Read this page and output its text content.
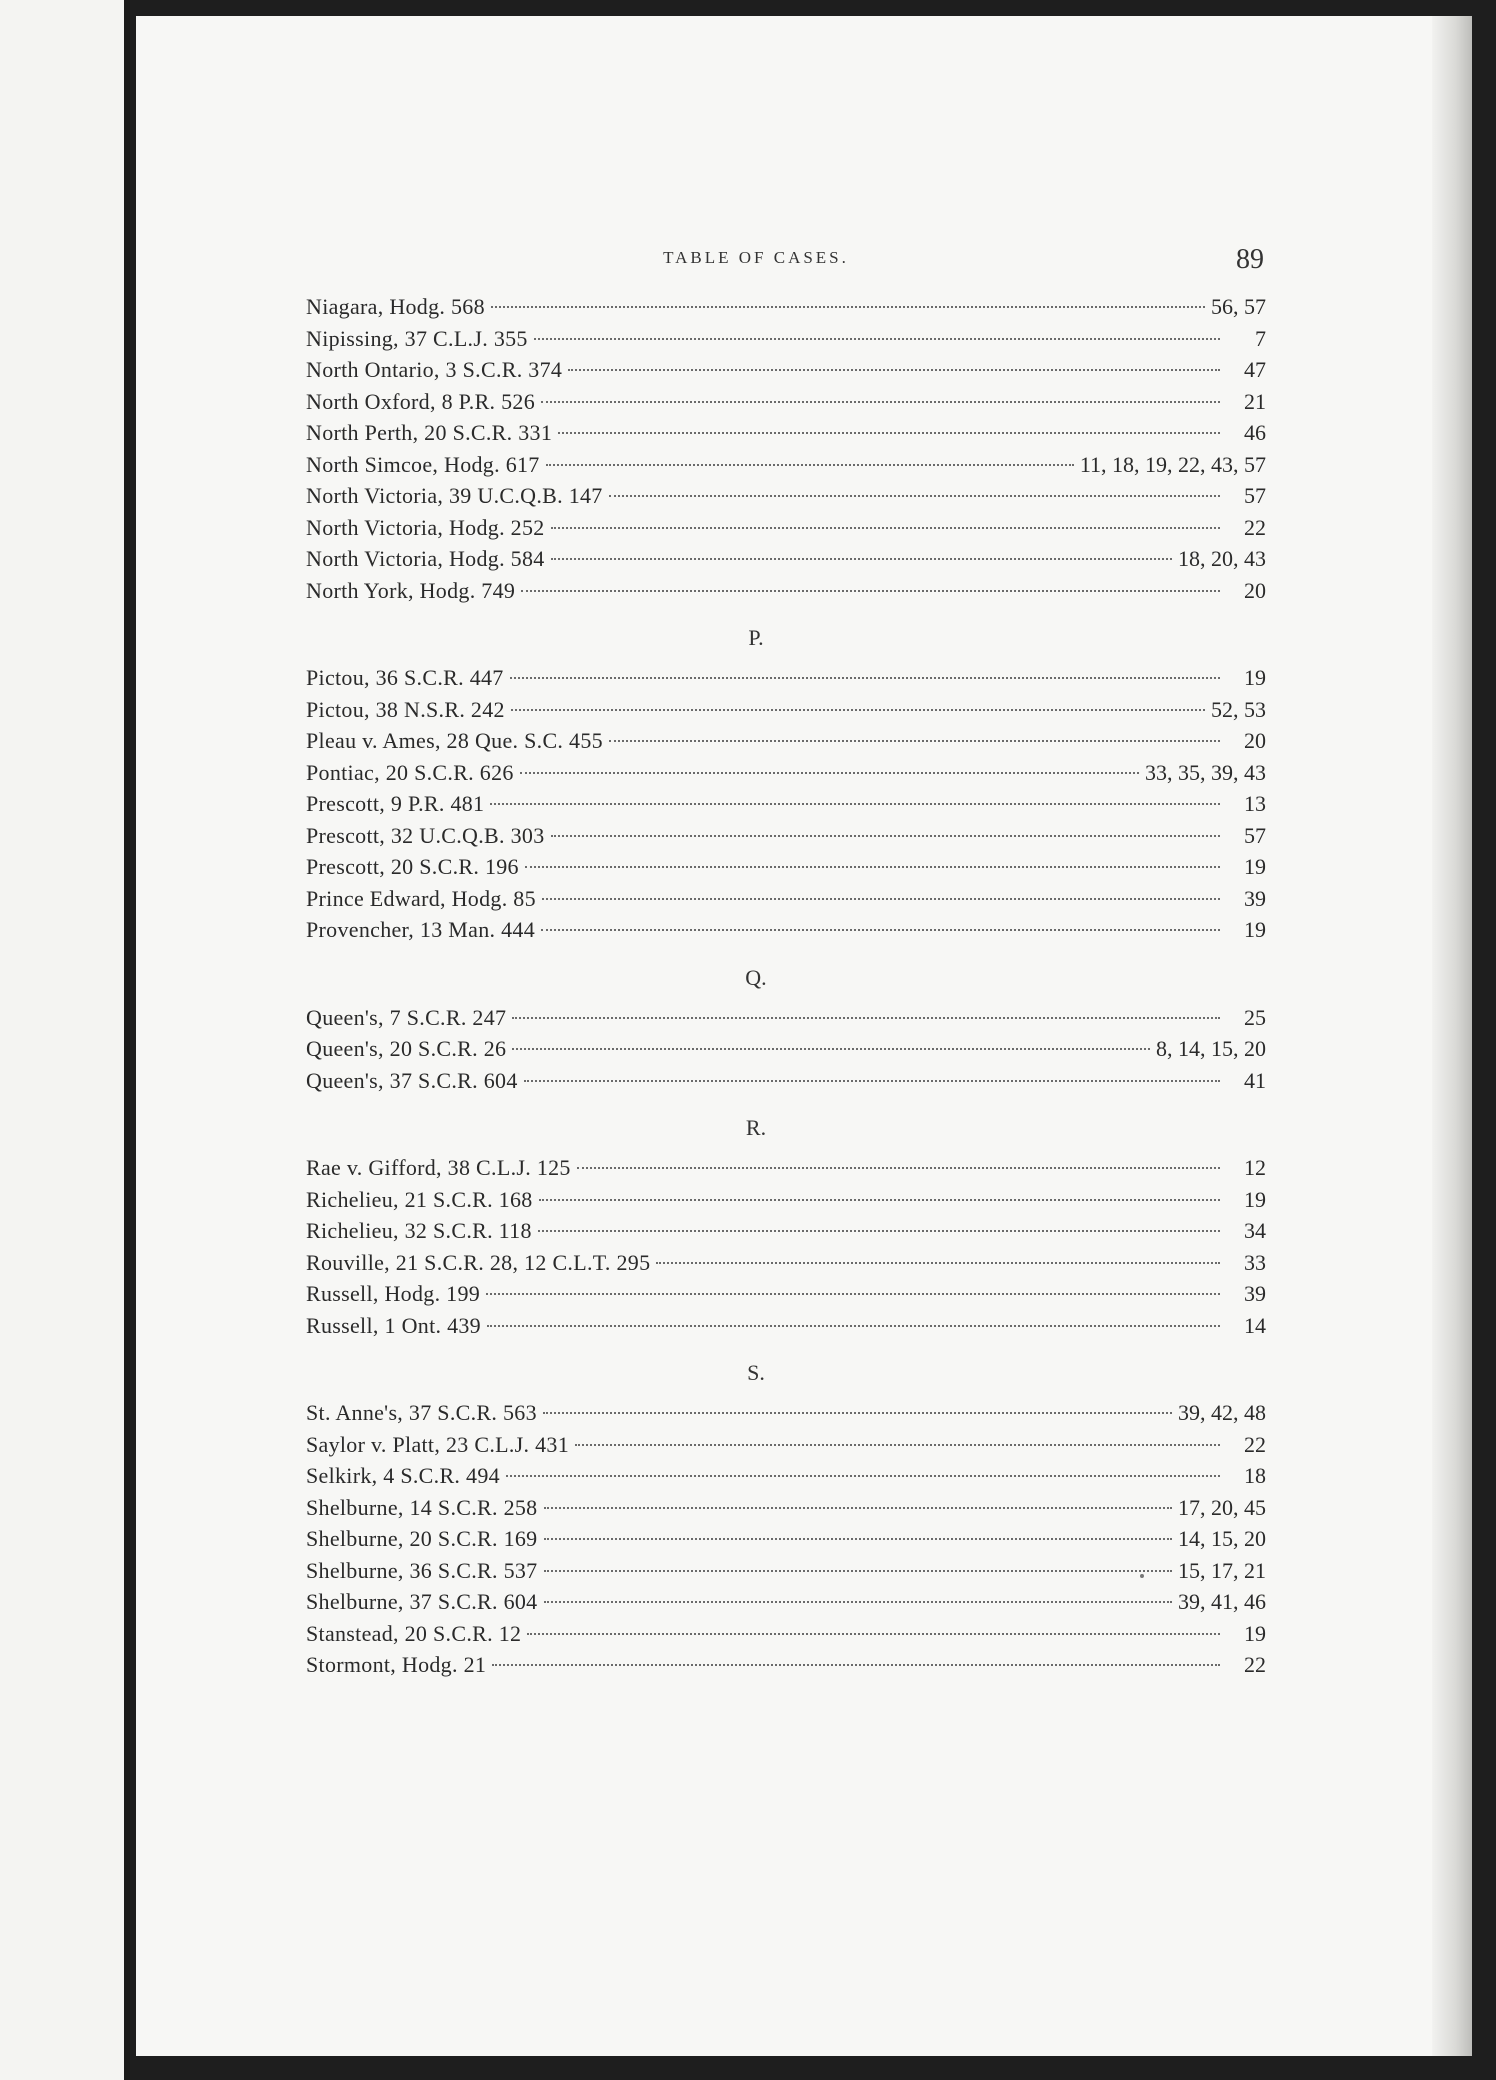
TABLE OF CASES.	89
Niagara, Hodg. 568	56, 57
Nipissing, 37 C.L.J. 355	7
North Ontario, 3 S.C.R. 374	47
North Oxford, 8 P.R. 526	21
North Perth, 20 S.C.R. 331	46
North Simcoe, Hodg. 617	11, 18, 19, 22, 43, 57
North Victoria, 39 U.C.Q.B. 147	57
North Victoria, Hodg. 252	22
North Victoria, Hodg. 584	18, 20, 43
North York, Hodg. 749	20
P.
Pictou, 36 S.C.R. 447	19
Pictou, 38 N.S.R. 242	52, 53
Pleau v. Ames, 28 Que. S.C. 455	20
Pontiac, 20 S.C.R. 626	33, 35, 39, 43
Prescott, 9 P.R. 481	13
Prescott, 32 U.C.Q.B. 303	57
Prescott, 20 S.C.R. 196	19
Prince Edward, Hodg. 85	39
Provencher, 13 Man. 444	19
Q.
Queen's, 7 S.C.R. 247	25
Queen's, 20 S.C.R. 26	8, 14, 15, 20
Queen's, 37 S.C.R. 604	41
R.
Rae v. Gifford, 38 C.L.J. 125	12
Richelieu, 21 S.C.R. 168	19
Richelieu, 32 S.C.R. 118	34
Rouville, 21 S.C.R. 28, 12 C.L.T. 295	33
Russell, Hodg. 199	39
Russell, 1 Ont. 439	14
S.
St. Anne's, 37 S.C.R. 563	39, 42, 48
Saylor v. Platt, 23 C.L.J. 431	22
Selkirk, 4 S.C.R. 494	18
Shelburne, 14 S.C.R. 258	17, 20, 45
Shelburne, 20 S.C.R. 169	14, 15, 20
Shelburne, 36 S.C.R. 537	15, 17, 21
Shelburne, 37 S.C.R. 604	39, 41, 46
Stanstead, 20 S.C.R. 12	19
Stormont, Hodg. 21	22
